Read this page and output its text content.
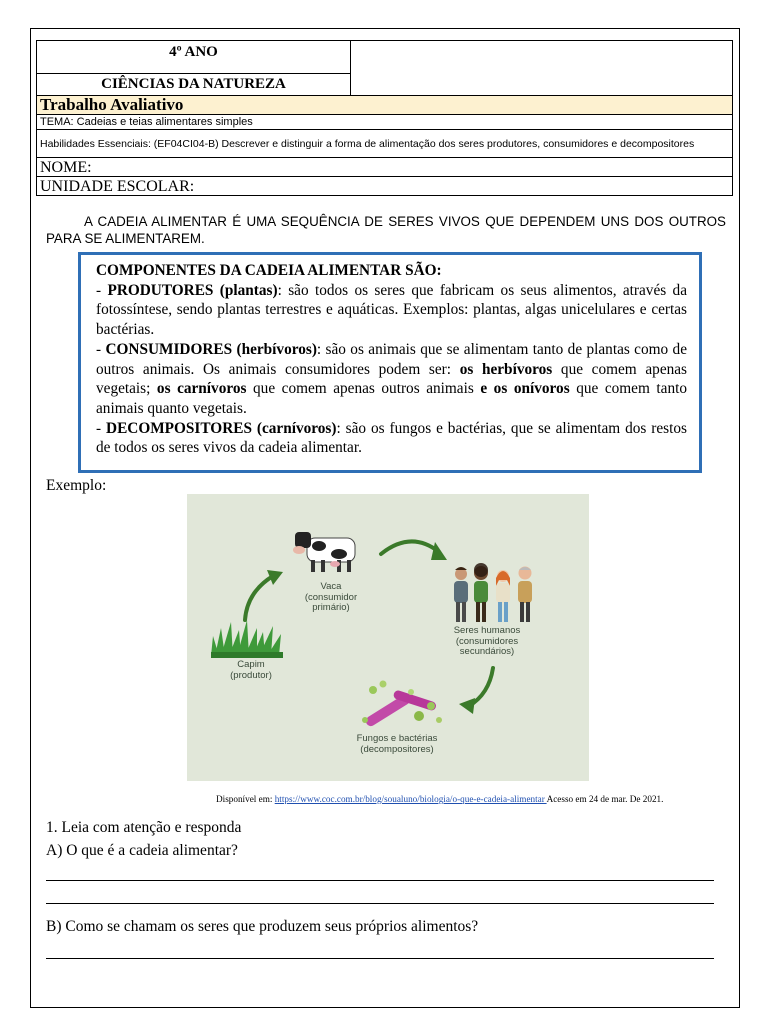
4º ANO	
CIÊNCIAS DA NATUREZA
Trabalho Avaliativo
TEMA: Cadeias e teias alimentares simples
Habilidades Essenciais: (EF04CI04-B) Descrever e distinguir a forma de alimentação dos seres produtores, consumidores e decompositores
NOME:
UNIDADE ESCOLAR:

A CADEIA ALIMENTAR É UMA SEQUÊNCIA DE SERES VIVOS QUE DEPENDEM UNS DOS OUTROS PARA SE ALIMENTAREM.

COMPONENTES DA CADEIA ALIMENTAR SÃO:

- PRODUTORES (plantas): são todos os seres que fabricam os seus alimentos, através da fotossíntese, sendo plantas terrestres e aquáticas. Exemplos: plantas, algas unicelulares e certas bactérias.

- CONSUMIDORES (herbívoros): são os animais que se alimentam tanto de plantas como de outros animais. Os animais consumidores podem ser: os herbívoros que comem apenas vegetais; os carnívoros que comem apenas outros animais e os onívoros que comem tanto animais quanto vegetais.

- DECOMPOSITORES (carnívoros): são os fungos e bactérias, que se alimentam dos restos de todos os seres vivos da cadeia alimentar.

Exemplo:
Vaca
(consumidor
primário)
Seres humanos
(consumidores
secundários)
Capim
(produtor)
Fungos e bactérias
(decompositores)
Disponível em: https://www.coc.com.br/blog/soualuno/biologia/o-que-e-cadeia-alimentar Acesso em 24 de mar. De 2021.
1. Leia com atenção e responda
A) O que é a cadeia alimentar?
B) Como se chamam os seres que produzem seus próprios alimentos?
